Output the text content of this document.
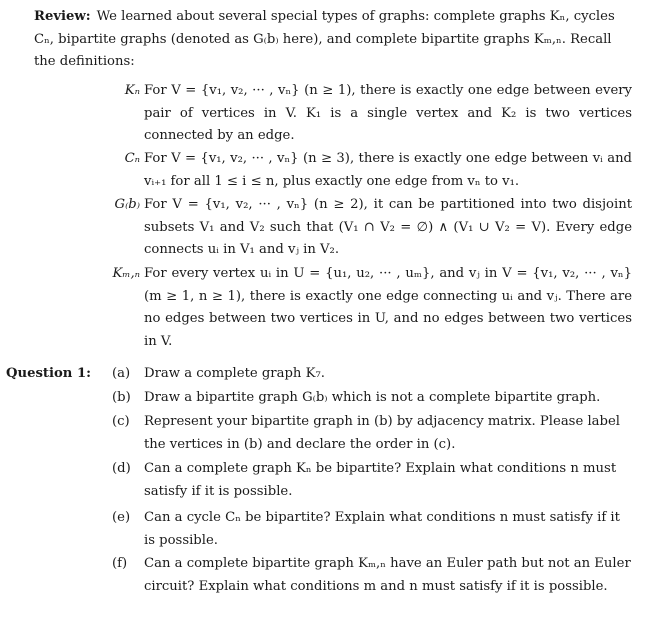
Review: We learned about several special types of graphs: complete graphs Kₙ, cycles Cₙ, bipartite graphs (denoted as G₍b₎ here), and complete bipartite graphs Kₘ,ₙ. Recall the definitions:
Kₙ For V = {v₁, v₂, ··· , vₙ} (n ≥ 1), there is exactly one edge between every pair of vertices in V. K₁ is a single vertex and K₂ is two vertices connected by an edge.
Cₙ For V = {v₁, v₂, ··· , vₙ} (n ≥ 3), there is exactly one edge between vᵢ and vᵢ₊₁ for all 1 ≤ i ≤ n, plus exactly one edge from vₙ to v₁.
G₍b₎ For V = {v₁, v₂, ··· , vₙ} (n ≥ 2), it can be partitioned into two disjoint subsets V₁ and V₂ such that (V₁ ∩ V₂ = ∅) ∧ (V₁ ∪ V₂ = V). Every edge connects uᵢ in V₁ and vⱼ in V₂.
Kₘ,ₙ For every vertex uᵢ in U = {u₁, u₂, ··· , uₘ}, and vⱼ in V = {v₁, v₂, ··· , vₙ} (m ≥ 1, n ≥ 1), there is exactly one edge connecting uᵢ and vⱼ. There are no edges between two vertices in U, and no edges between two vertices in V.
Question 1: (a)	Draw a complete graph K₇.
(b)	Draw a bipartite graph G₍b₎ which is not a complete bipartite graph.
(c)	Represent your bipartite graph in (b) by adjacency matrix. Please label the vertices in (b) and declare the order in (c).
(d)	Can a complete graph Kₙ be bipartite? Explain what conditions n must satisfy if it is possible.
(e)	Can a cycle Cₙ be bipartite? Explain what conditions n must satisfy if it is possible.
(f)	Can a complete bipartite graph Kₘ,ₙ have an Euler path but not an Euler circuit? Explain what conditions m and n must satisfy if it is possible.
